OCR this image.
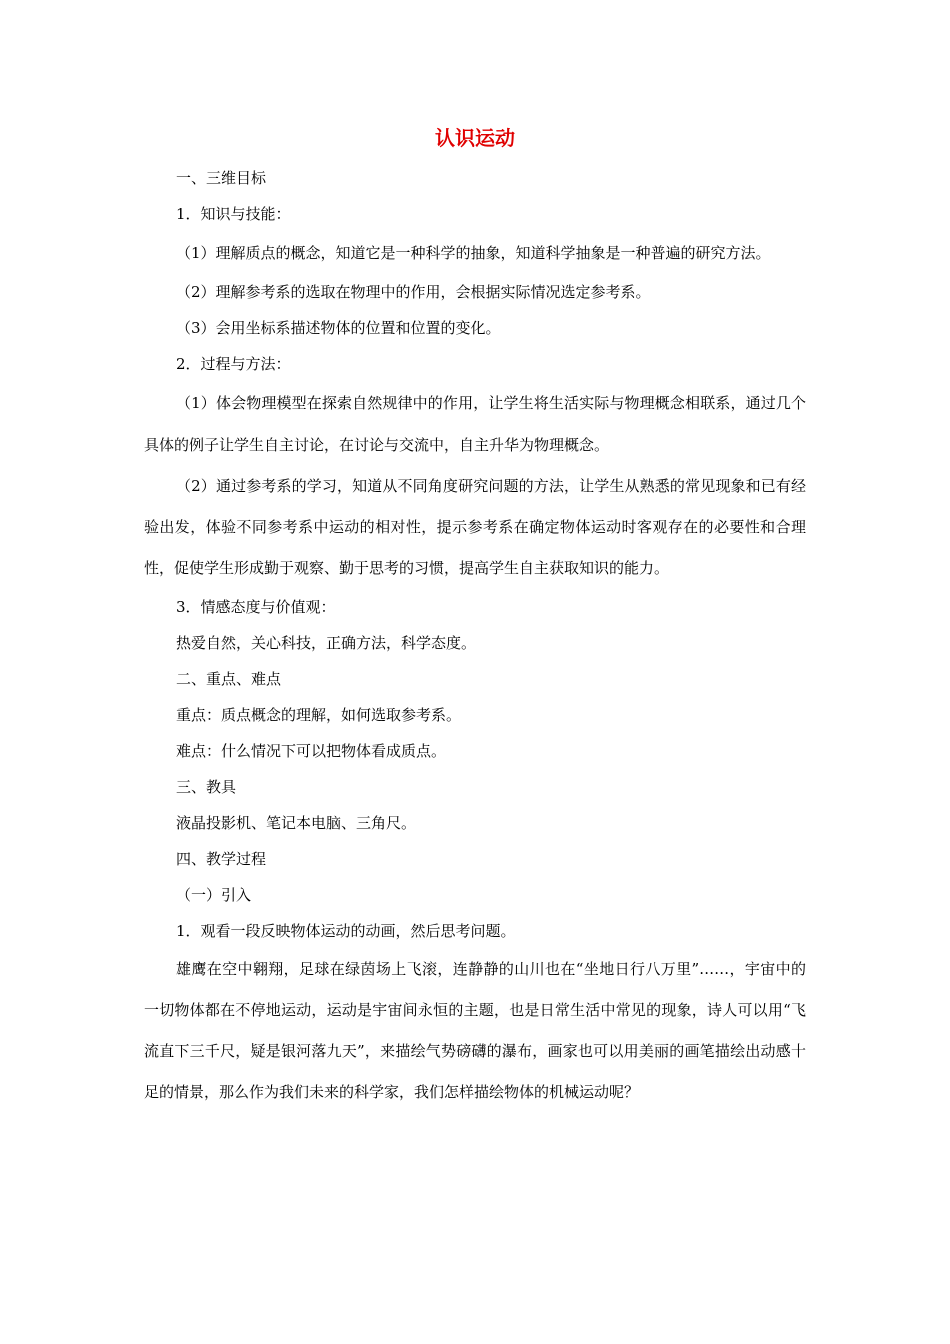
认识运动

一、三维目标

1．知识与技能：

（1）理解质点的概念，知道它是一种科学的抽象，知道科学抽象是一种普遍的研究方法。

（2）理解参考系的选取在物理中的作用，会根据实际情况选定参考系。

（3）会用坐标系描述物体的位置和位置的变化。

2．过程与方法：

（1）体会物理模型在探索自然规律中的作用，让学生将生活实际与物理概念相联系，通过几个具体的例子让学生自主讨论，在讨论与交流中，自主升华为物理概念。

（2）通过参考系的学习，知道从不同角度研究问题的方法，让学生从熟悉的常见现象和已有经验出发，体验不同参考系中运动的相对性，提示参考系在确定物体运动时客观存在的必要性和合理性，促使学生形成勤于观察、勤于思考的习惯，提高学生自主获取知识的能力。

3．情感态度与价值观：

热爱自然，关心科技，正确方法，科学态度。

二、重点、难点

重点：质点概念的理解，如何选取参考系。

难点：什么情况下可以把物体看成质点。

三、教具

液晶投影机、笔记本电脑、三角尺。

四、教学过程

（一）引入

1．观看一段反映物体运动的动画，然后思考问题。

雄鹰在空中翱翔，足球在绿茵场上飞滚，连静静的山川也在“坐地日行八万里”……，宇宙中的一切物体都在不停地运动，运动是宇宙间永恒的主题，也是日常生活中常见的现象，诗人可以用“飞流直下三千尺，疑是银河落九天”，来描绘气势磅礴的瀑布，画家也可以用美丽的画笔描绘出动感十足的情景，那么作为我们未来的科学家，我们怎样描绘物体的机械运动呢？
